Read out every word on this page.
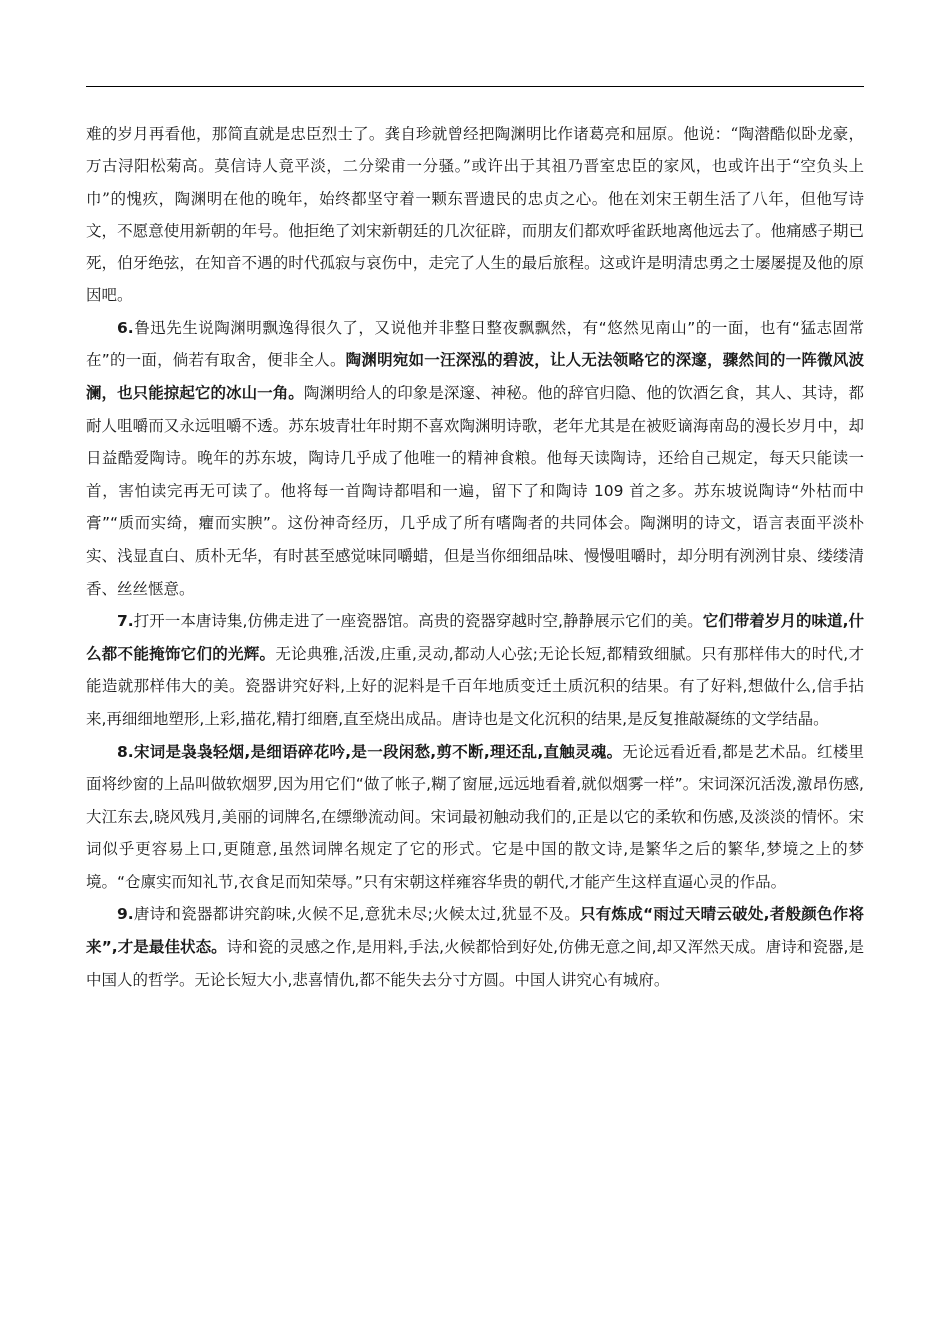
难的岁月再看他，那简直就是忠臣烈士了。龚自珍就曾经把陶渊明比作诸葛亮和屈原。他说：“陶潜酷似卧龙豪，万古浔阳松菊高。莫信诗人竟平淡，二分梁甫一分骚。”或许出于其祖乃晋室忠臣的家风，也或许出于“空负头上巾”的愧疚，陶渊明在他的晚年，始终都坚守着一颗东晋遗民的忠贞之心。他在刘宋王朝生活了八年，但他写诗文，不愿意使用新朝的年号。他拒绝了刘宋新朝廷的几次征辟，而朋友们都欢呼雀跃地离他远去了。他痛感子期已死，伯牙绝弦，在知音不遇的时代孤寂与哀伤中，走完了人生的最后旅程。这或许是明清忠勇之士屡屡提及他的原因吧。

6.鲁迅先生说陶渊明飘逸得很久了，又说他并非整日整夜飘飘然，有“悠然见南山”的一面，也有“猛志固常在”的一面，倘若有取舍，便非全人。陶渊明宛如一汪深泓的碧波，让人无法领略它的深邃，骤然间的一阵微风波澜，也只能掠起它的冰山一角。陶渊明给人的印象是深邃、神秘。他的辞官归隐、他的饮酒乞食，其人、其诗，都耐人咀嚼而又永远咀嚼不透。苏东坡青壮年时期不喜欢陶渊明诗歌，老年尤其是在被贬谪海南岛的漫长岁月中，却日益酷爱陶诗。晚年的苏东坡，陶诗几乎成了他唯一的精神食粮。他每天读陶诗，还给自己规定，每天只能读一首，害怕读完再无可读了。他将每一首陶诗都唱和一遍，留下了和陶诗 109 首之多。苏东坡说陶诗“外枯而中膏”“质而实绮，癯而实腴”。这份神奇经历，几乎成了所有嗜陶者的共同体会。陶渊明的诗文，语言表面平淡朴实、浅显直白、质朴无华，有时甚至感觉味同嚼蜡，但是当你细细品味、慢慢咀嚼时，却分明有洌洌甘泉、缕缕清香、丝丝惬意。

7.打开一本唐诗集,仿佛走进了一座瓷器馆。高贵的瓷器穿越时空,静静展示它们的美。它们带着岁月的味道,什么都不能掩饰它们的光辉。无论典雅,活泼,庄重,灵动,都动人心弦;无论长短,都精致细腻。只有那样伟大的时代,才能造就那样伟大的美。瓷器讲究好料,上好的泥料是千百年地质变迁土质沉积的结果。有了好料,想做什么,信手拈来,再细细地塑形,上彩,描花,精打细磨,直至烧出成品。唐诗也是文化沉积的结果,是反复推敲凝练的文学结晶。

8.宋词是袅袅轻烟,是细语碎花吟,是一段闲愁,剪不断,理还乱,直触灵魂。无论远看近看,都是艺术品。红楼里面将纱窗的上品叫做软烟罗,因为用它们“做了帐子,糊了窗屉,远远地看着,就似烟雾一样”。宋词深沉活泼,激昂伤感,大江东去,晓风残月,美丽的词牌名,在缥缈流动间。宋词最初触动我们的,正是以它的柔软和伤感,及淡淡的情怀。宋词似乎更容易上口,更随意,虽然词牌名规定了它的形式。它是中国的散文诗,是繁华之后的繁华,梦境之上的梦境。“仓廪实而知礼节,衣食足而知荣辱。”只有宋朝这样雍容华贵的朝代,才能产生这样直逼心灵的作品。

9.唐诗和瓷器都讲究韵味,火候不足,意犹未尽;火候太过,犹显不及。只有炼成“雨过天晴云破处,者般颜色作将来”,才是最佳状态。诗和瓷的灵感之作,是用料,手法,火候都恰到好处,仿佛无意之间,却又浑然天成。唐诗和瓷器,是中国人的哲学。无论长短大小,悲喜情仇,都不能失去分寸方圆。中国人讲究心有城府。
